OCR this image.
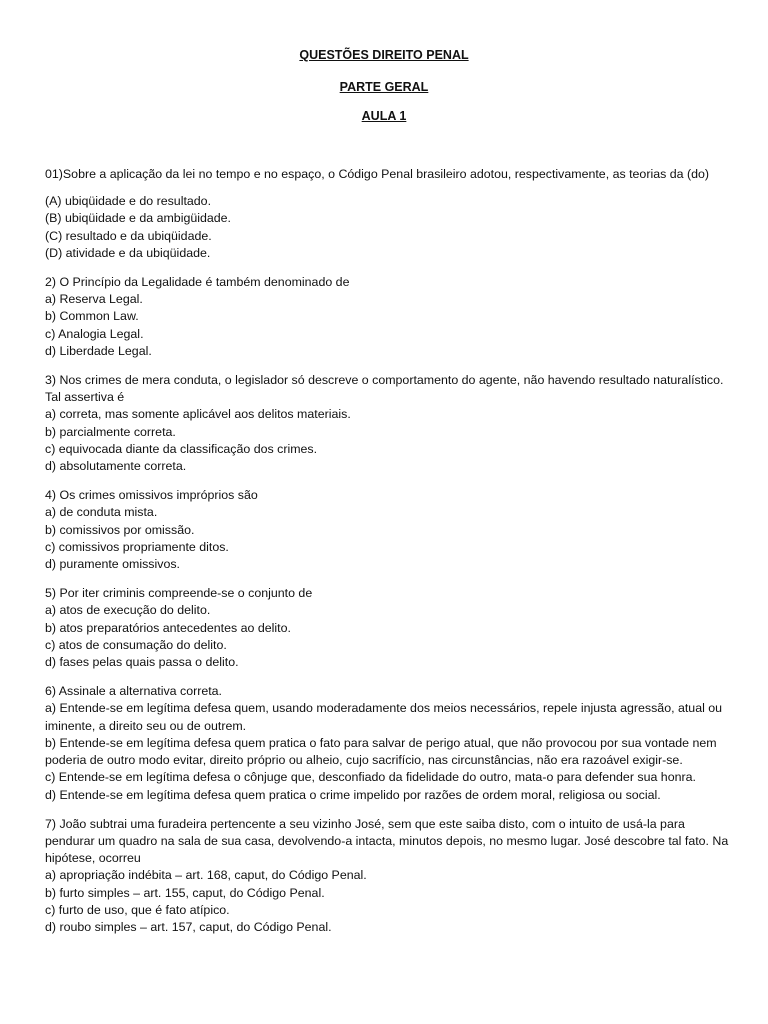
QUESTÕES DIREITO PENAL
PARTE GERAL
AULA 1
01)Sobre a aplicação da lei no tempo e no espaço, o Código Penal brasileiro adotou, respectivamente, as teorias da (do)
(A) ubiqüidade e do resultado.
(B) ubiqüidade e da ambigüidade.
(C) resultado e da ubiqüidade.
(D) atividade e da ubiqüidade.
2) O Princípio da Legalidade é também denominado de
a) Reserva Legal.
b) Common Law.
c) Analogia Legal.
d) Liberdade Legal.
3) Nos crimes de mera conduta, o legislador só descreve o comportamento do agente, não havendo resultado naturalístico. Tal assertiva é
a) correta, mas somente aplicável aos delitos materiais.
b) parcialmente correta.
c) equivocada diante da classificação dos crimes.
d) absolutamente correta.
4) Os crimes omissivos impróprios são
a) de conduta mista.
b) comissivos por omissão.
c) comissivos propriamente ditos.
d) puramente omissivos.
5) Por iter criminis compreende-se o conjunto de
a) atos de execução do delito.
b) atos preparatórios antecedentes ao delito.
c) atos de consumação do delito.
d) fases pelas quais passa o delito.
6) Assinale a alternativa correta.
a) Entende-se em legítima defesa quem, usando moderadamente dos meios necessários, repele injusta agressão, atual ou iminente, a direito seu ou de outrem.
b) Entende-se em legítima defesa quem pratica o fato para salvar de perigo atual, que não provocou por sua vontade nem poderia de outro modo evitar, direito próprio ou alheio, cujo sacrifício, nas circunstâncias, não era razoável exigir-se.
c) Entende-se em legítima defesa o cônjuge que, desconfiado da fidelidade do outro, mata-o para defender sua honra.
d) Entende-se em legítima defesa quem pratica o crime impelido por razões de ordem moral, religiosa ou social.
7) João subtrai uma furadeira pertencente a seu vizinho José, sem que este saiba disto, com o intuito de usá-la para pendurar um quadro na sala de sua casa, devolvendo-a intacta, minutos depois, no mesmo lugar. José descobre tal fato. Na hipótese, ocorreu
a) apropriação indébita – art. 168, caput, do Código Penal.
b) furto simples – art. 155, caput, do Código Penal.
c) furto de uso, que é fato atípico.
d) roubo simples – art. 157, caput, do Código Penal.
